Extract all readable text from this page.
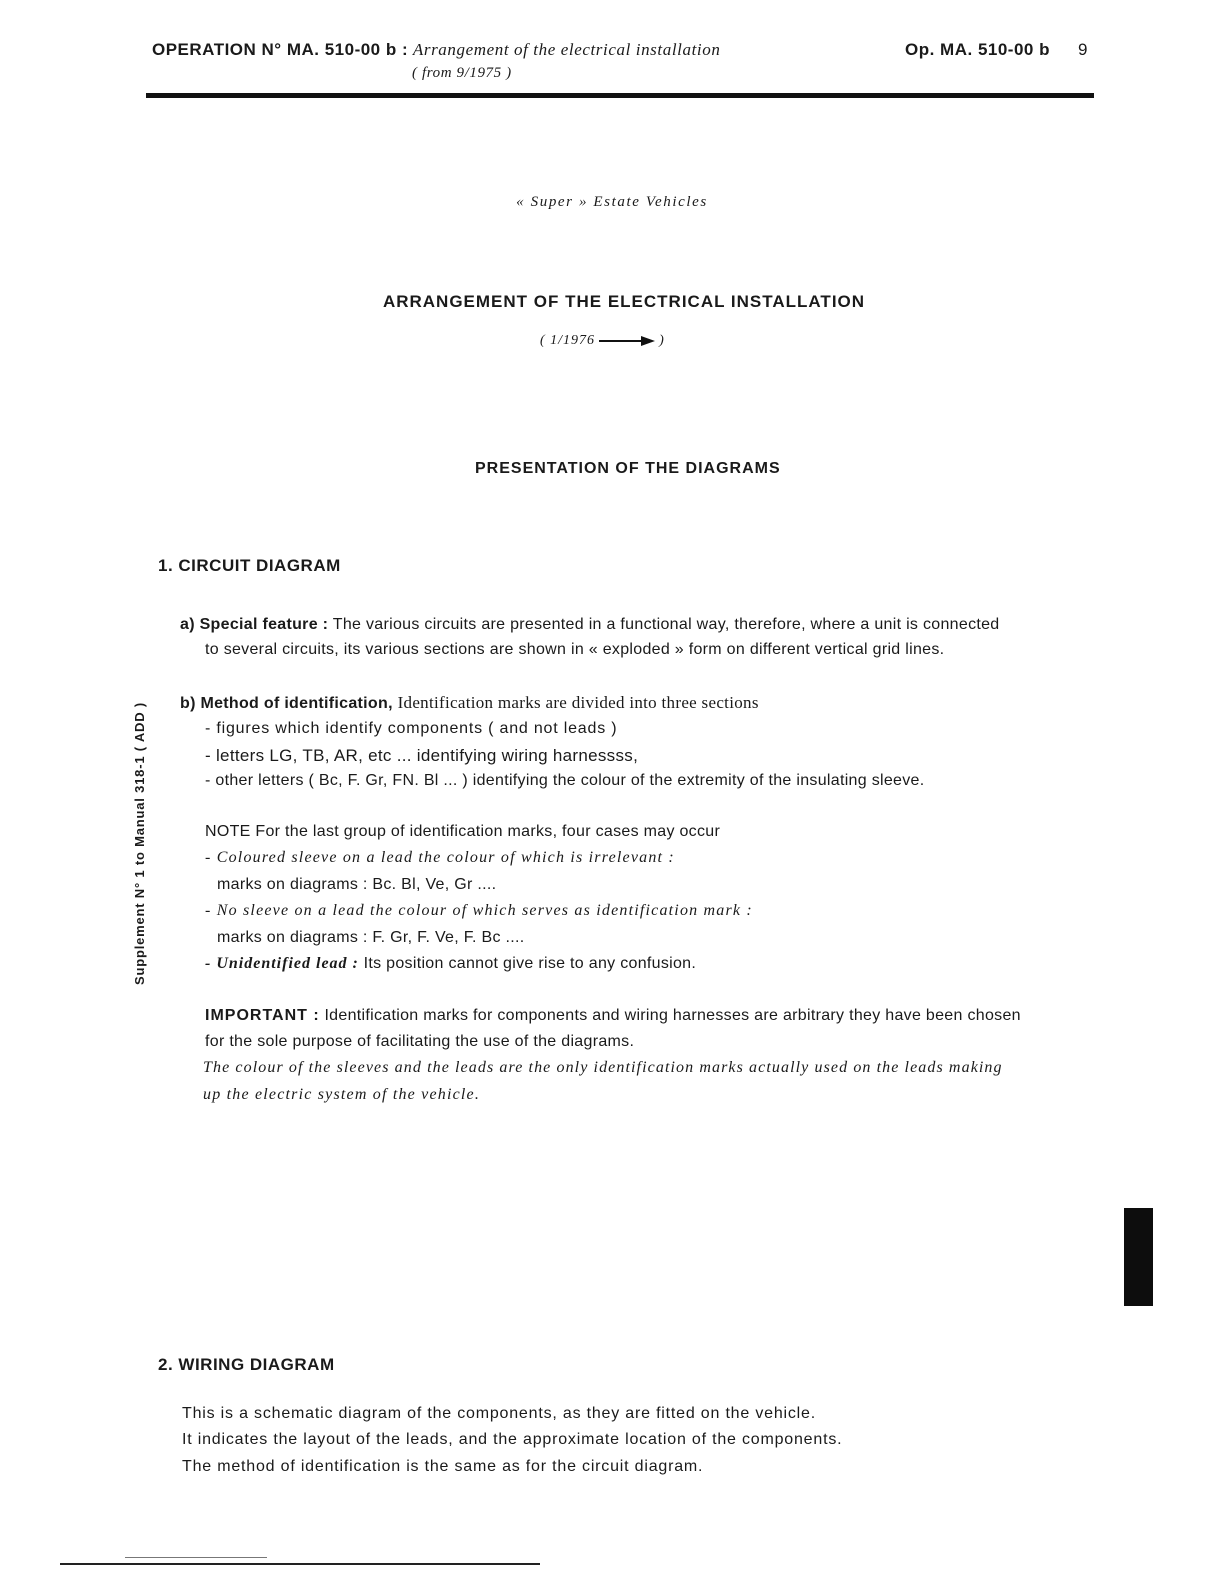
OPERATION N° MA. 510-00 b : Arrangement of the electrical installation
( from 9/1975 )
Op. MA. 510-00 b 9
« Super » Estate Vehicles
ARRANGEMENT OF THE ELECTRICAL INSTALLATION
( 1/1976	)
PRESENTATION OF THE DIAGRAMS
1. CIRCUIT DIAGRAM
a) Special feature : The various circuits are presented in a functional way, therefore, where a unit is connected
to several circuits, its various sections are shown in « exploded » form on different vertical grid lines.
b) Method of identification, Identification marks are divided into three sections
- figures which identify components ( and not leads )
- letters LG, TB, AR, etc ... identifying wiring harnessss,
- other letters ( Bc, F. Gr, FN. Bl ... ) identifying the colour of the extremity of the insulating sleeve.
NOTE For the last group of identification marks, four cases may occur
- Coloured sleeve on a lead the colour of which is irrelevant :
marks on diagrams : Bc. Bl, Ve, Gr ....
- No sleeve on a lead the colour of which serves as identification mark :
marks on diagrams : F. Gr, F. Ve, F. Bc ....
- Unidentified lead : Its position cannot give rise to any confusion.
IMPORTANT : Identification marks for components and wiring harnesses are arbitrary they have been chosen
for the sole purpose of facilitating the use of the diagrams.
The colour of the sleeves and the leads are the only identification marks actually used on the leads making
up the electric system of the vehicle.
2. WIRING DIAGRAM
This is a schematic diagram of the components, as they are fitted on the vehicle.
It indicates the layout of the leads, and the approximate location of the components.
The method of identification is the same as for the circuit diagram.
Supplement N° 1 to Manual 318-1 ( ADD )
